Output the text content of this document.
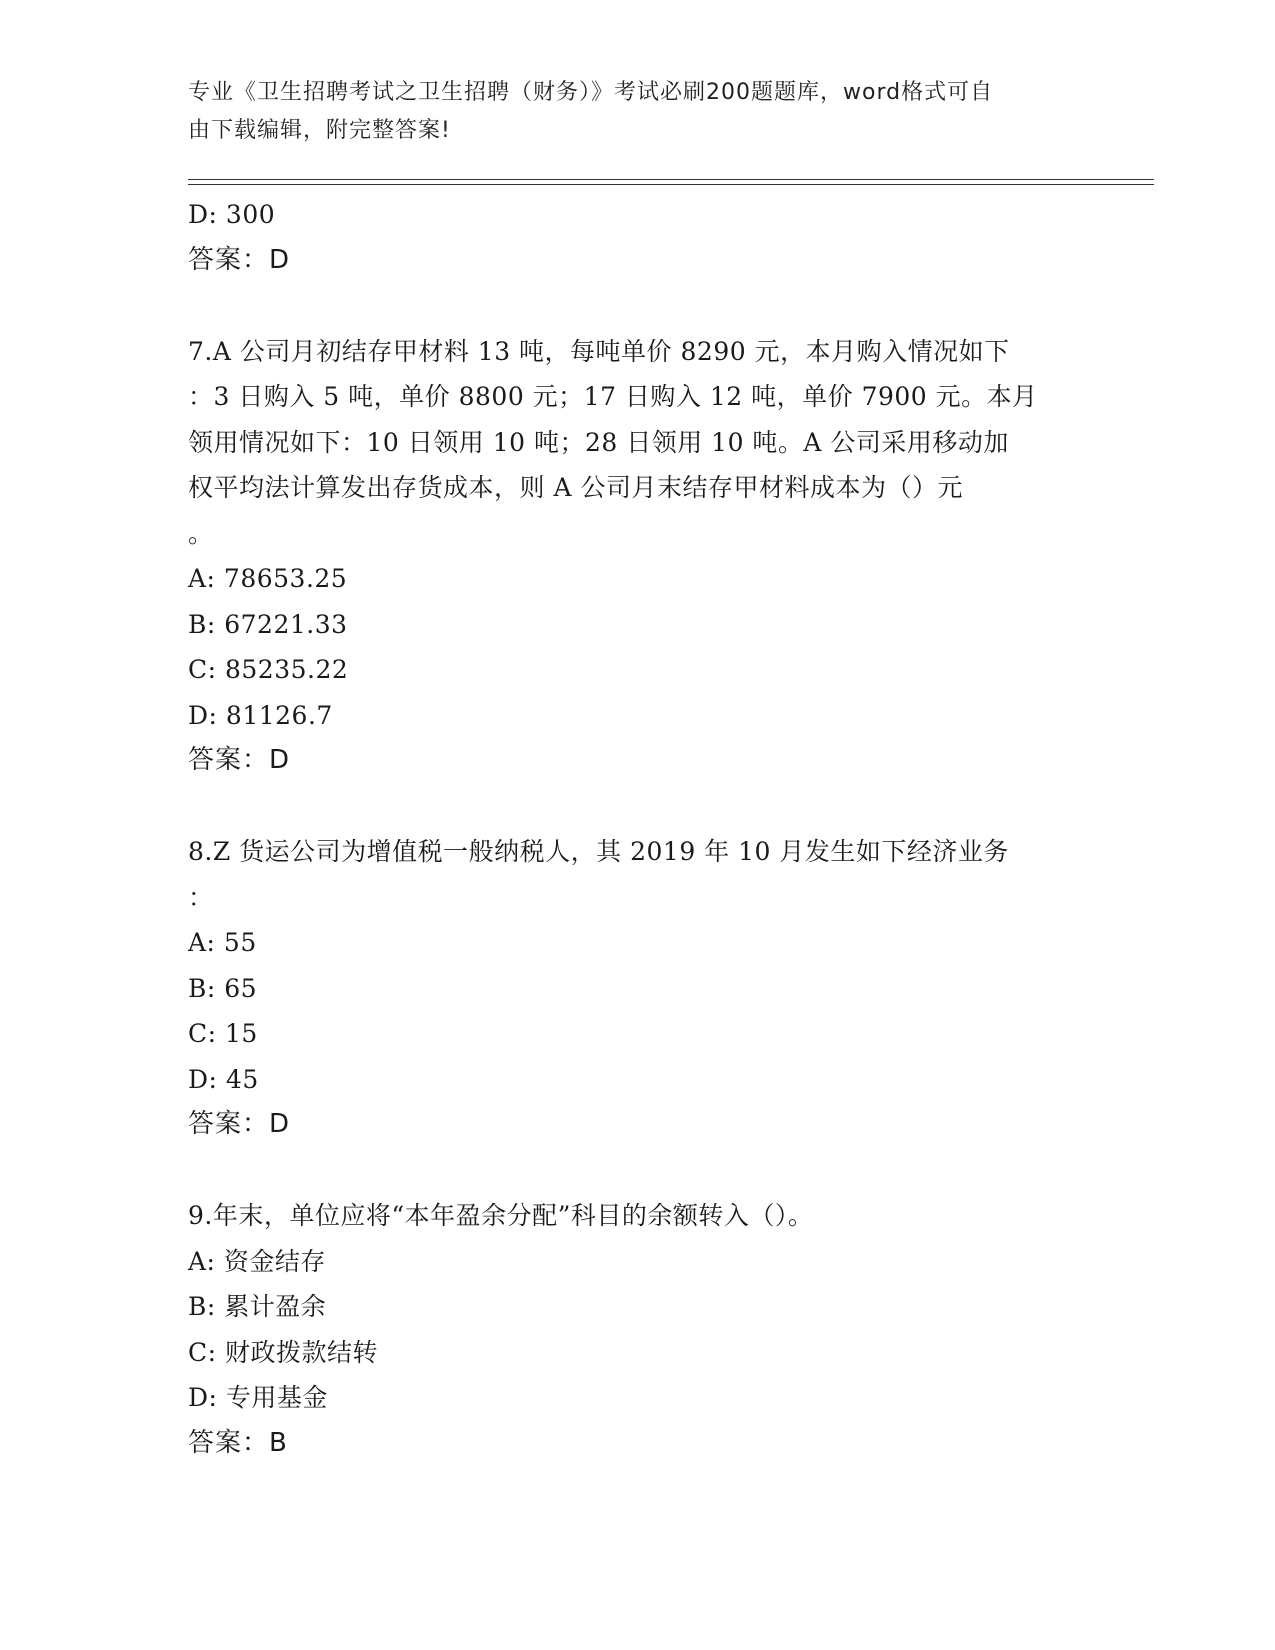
专业《卫生招聘考试之卫生招聘（财务）》考试必刷200题题库，word格式可自
由下载编辑，附完整答案!
D: 300
答案：D
7.A 公司月初结存甲材料 13 吨，每吨单价 8290 元，本月购入情况如下
：3 日购入 5 吨，单价 8800 元；17 日购入 12 吨，单价 7900 元。本月
领用情况如下：10 日领用 10 吨；28 日领用 10 吨。A 公司采用移动加
权平均法计算发出存货成本，则 A 公司月末结存甲材料成本为（）元
。
A: 78653.25
B: 67221.33
C: 85235.22
D: 81126.7
答案：D
8.Z 货运公司为增值税一般纳税人，其 2019 年 10 月发生如下经济业务
：
A: 55
B: 65
C: 15
D: 45
答案：D
9.年末，单位应将“本年盈余分配”科目的余额转入（）。
A: 资金结存
B: 累计盈余
C: 财政拨款结转
D: 专用基金
答案：B
